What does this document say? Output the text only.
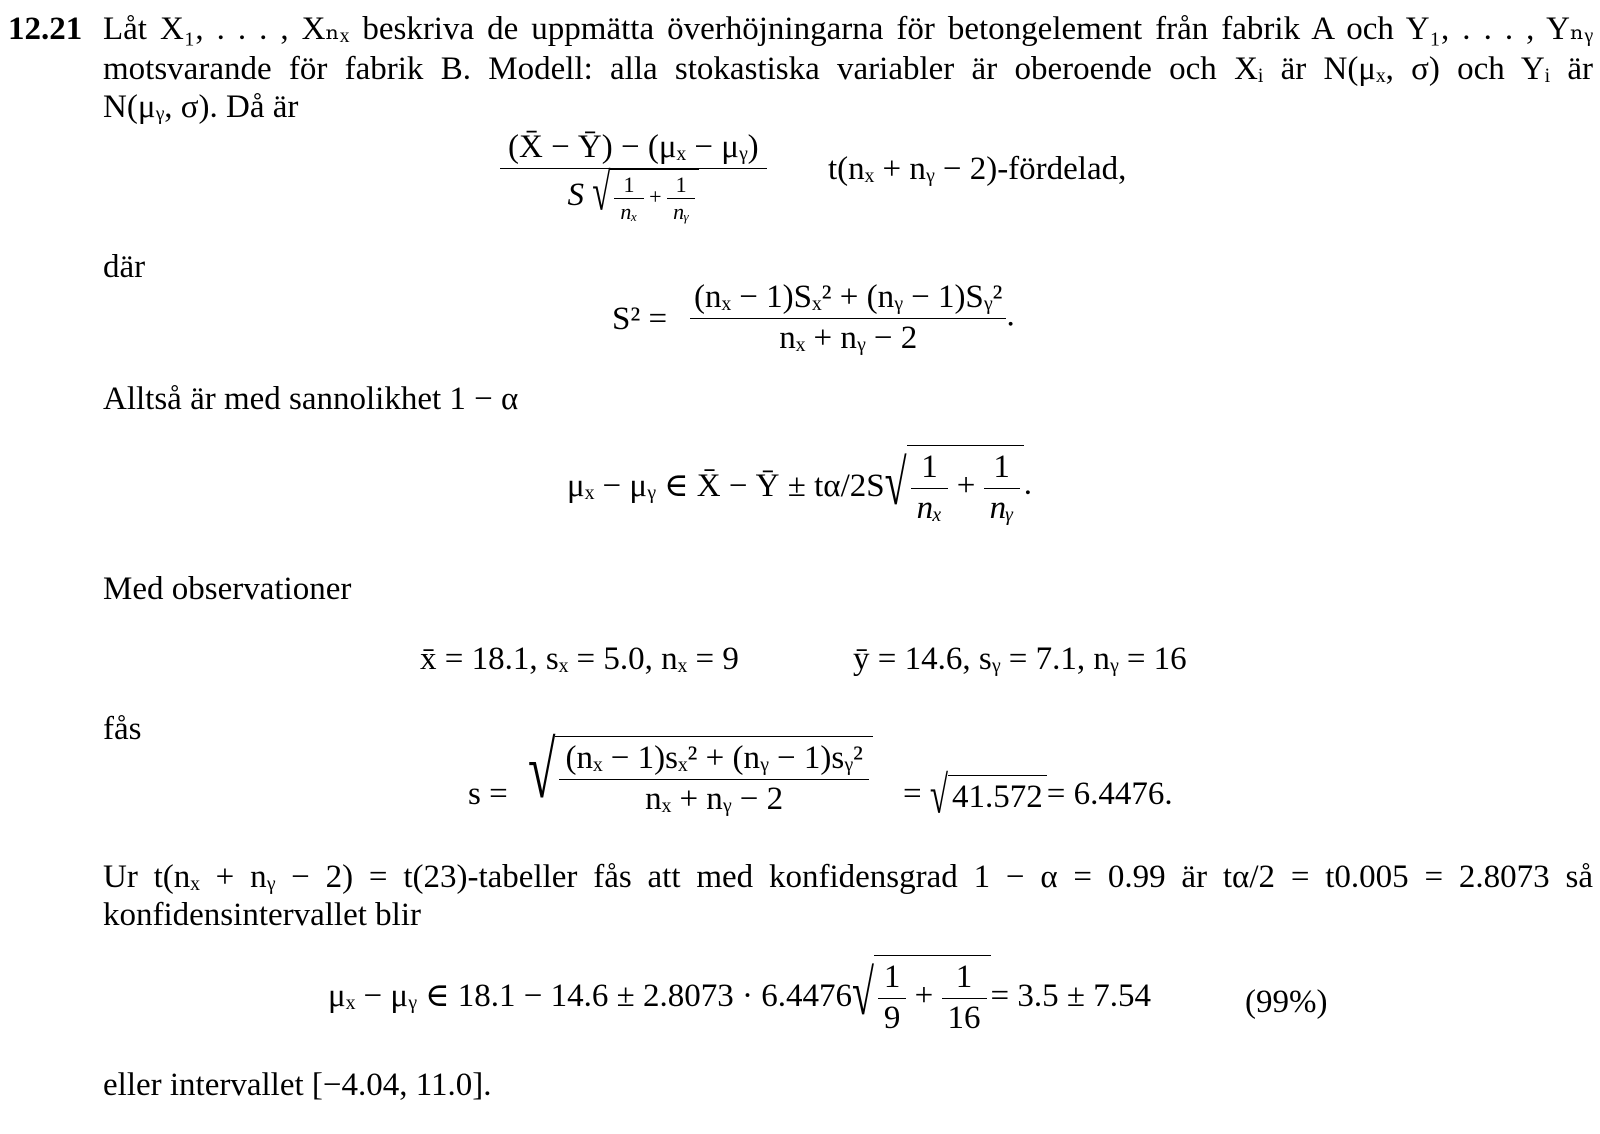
12.21 Låt X₁, . . . , Xₙₓ beskriva de uppmätta överhöjningarna för betongelement från fabrik A och Y₁, . . . , Yₙᵧ
motsvarande för fabrik B. Modell: alla stokastiska variabler är oberoende och Xᵢ är N(μₓ, σ) och Yᵢ är
N(μᵧ, σ). Då är
(X̄ − Ȳ) − (μₓ − μᵧ)
S √ $\frac{1}{\text{nₓ}} + \frac{1}{\text{nᵧ}}$
t(nₓ + nᵧ − 2)-fördelad,
där
$S^2 = \frac{\text{(nₓ − 1)Sₓ² + (nᵧ − 1)Sᵧ²}}{\text{nₓ + nᵧ − 2}}$ .
Alltså är med sannolikhet 1 − α
μₓ − μᵧ ∈ X̄ − Ȳ ± $t\alpha/2S√ \frac{1}{\text{nₓ}} + \frac{1}{\text{nᵧ}}$ .
Med observationer
x̄ = 18.1, sₓ = 5.0, nₓ = 9	ȳ = 14.6, sᵧ = 7.1, nᵧ = 16
fås
s = √ $\frac{\text{(nₓ − 1)sₓ² + (nᵧ − 1)sᵧ²}}{\text{nₓ + nᵧ − 2}}$ = √ 41.572 = 6.4476.
Ur t(nₓ + nᵧ − 2) = t(23)-tabeller fås att med konfidensgrad 1 − α = 0.99 är tα/2 = t0.005 = 2.8073 så
konfidensintervallet blir
μₓ − μᵧ ∈ $18.1 - 14.6 \pm 2.8073 \cdot 6.4476√ \frac{1}{9} + \frac{1}{16} = 3.5 \pm 7.54$	(99%)
eller intervallet [−4.04, 11.0].
